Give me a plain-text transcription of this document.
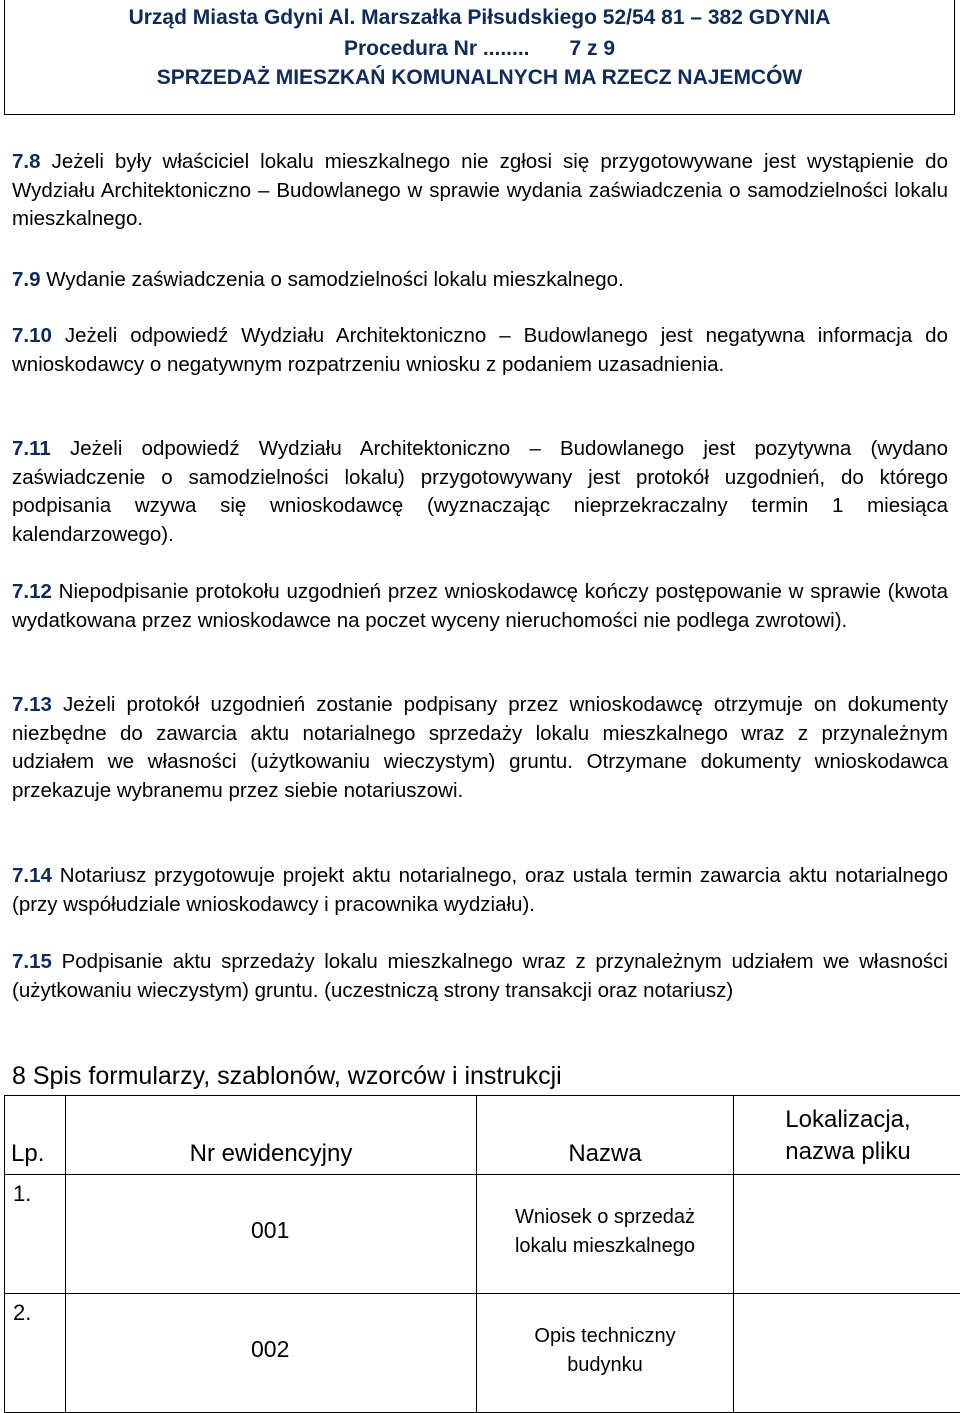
Urząd Miasta Gdyni Al. Marszałka Piłsudskiego 52/54 81 – 382 GDYNIA
Procedura Nr ........ 7 z 9
SPRZEDAŻ MIESZKAŃ KOMUNALNYCH MA RZECZ NAJEMCÓW
7.8 Jeżeli były właściciel lokalu mieszkalnego nie zgłosi się przygotowywane jest wystąpienie do Wydziału Architektoniczno – Budowlanego w sprawie wydania zaświadczenia o samodzielności lokalu mieszkalnego.
7.9 Wydanie zaświadczenia o samodzielności lokalu mieszkalnego.
7.10 Jeżeli odpowiedź Wydziału Architektoniczno – Budowlanego jest negatywna informacja do wnioskodawcy o negatywnym rozpatrzeniu wniosku z podaniem uzasadnienia.
7.11 Jeżeli odpowiedź Wydziału Architektoniczno – Budowlanego jest pozytywna (wydano zaświadczenie o samodzielności lokalu) przygotowywany jest protokół uzgodnień, do którego podpisania wzywa się wnioskodawcę (wyznaczając nieprzekraczalny termin 1 miesiąca kalendarzowego).
7.12 Niepodpisanie protokołu uzgodnień przez wnioskodawcę kończy postępowanie w sprawie (kwota wydatkowana przez wnioskodawce na poczet wyceny nieruchomości nie podlega zwrotowi).
7.13 Jeżeli protokół uzgodnień zostanie podpisany przez wnioskodawcę otrzymuje on dokumenty niezbędne do zawarcia aktu notarialnego sprzedaży lokalu mieszkalnego wraz z przynależnym udziałem we własności (użytkowaniu wieczystym) gruntu. Otrzymane dokumenty wnioskodawca przekazuje wybranemu przez siebie notariuszowi.
7.14 Notariusz przygotowuje projekt aktu notarialnego, oraz ustala termin zawarcia aktu notarialnego (przy współudziale wnioskodawcy i pracownika wydziału).
7.15 Podpisanie aktu sprzedaży lokalu mieszkalnego wraz z przynależnym udziałem we własności (użytkowaniu wieczystym) gruntu. (uczestniczą strony transakcji oraz notariusz)
8 Spis formularzy, szablonów, wzorców i instrukcji
Lp.	Nr ewidencyjny	Nazwa	Lokalizacja,
nazwa pliku

1.	001	Wniosek o sprzedaż
lokalu mieszkalnego	

2.	002	Opis techniczny
budynku	
